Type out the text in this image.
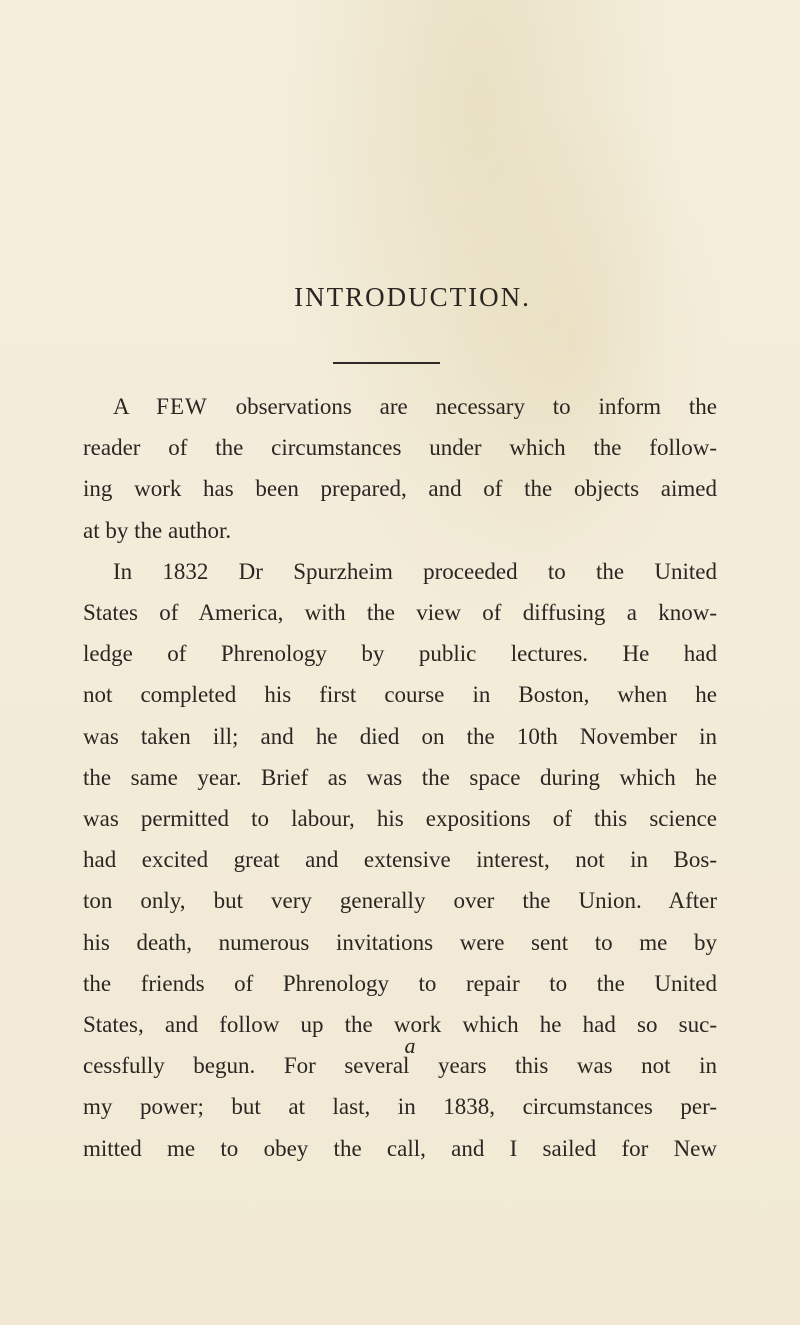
INTRODUCTION.

A FEW observations are necessary to inform the
reader of the circumstances under which the follow-
ing work has been prepared, and of the objects aimed
at by the author.

In 1832 Dr Spurzheim proceeded to the United
States of America, with the view of diffusing a know-
ledge of Phrenology by public lectures. He had
not completed his first course in Boston, when he
was taken ill; and he died on the 10th November in
the same year. Brief as was the space during which he
was permitted to labour, his expositions of this science
had excited great and extensive interest, not in Bos-
ton only, but very generally over the Union. After
his death, numerous invitations were sent to me by
the friends of Phrenology to repair to the United
States, and follow up the work which he had so suc-
cessfully begun. For several years this was not in
my power; but at last, in 1838, circumstances per-
mitted me to obey the call, and I sailed for New

a
